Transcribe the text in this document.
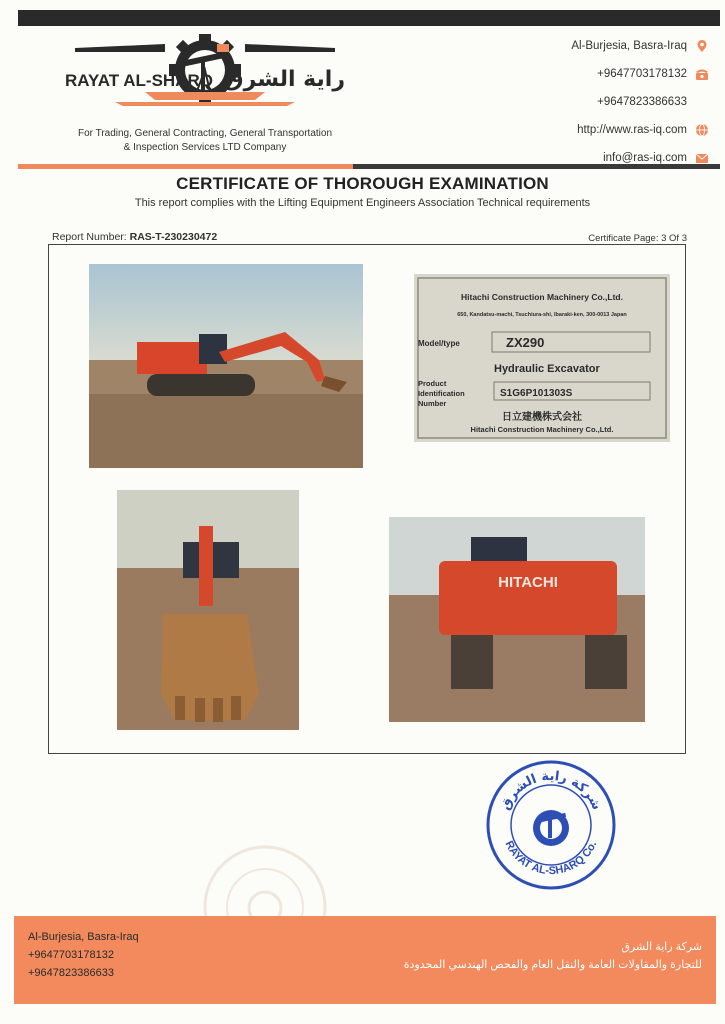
RAYAT AL-SHARQ راية الشرق
For Trading, General Contracting, General Transportation
& Inspection Services LTD Company
Al-Burjesia, Basra-Iraq
+9647703178132
+9647823386633
http://www.ras-iq.com
info@ras-iq.com
CERTIFICATE OF THOROUGH EXAMINATION
This report complies with the Lifting Equipment Engineers Association Technical requirements
Report Number: RAS-T-230230472	Certificate Page: 3 Of 3
Hitachi Construction Machinery Co.,Ltd.
650, Kandatsu-machi, Tsuchiura-shi, Ibaraki-ken, 300-0013 Japan
Model/type	ZX290
Hydraulic Excavator
Product
Identification
Number
S1G6P101303S
日立建機株式会社
Hitachi Construction Machinery Co.,Ltd.
HITACHI
شركة راية الشرق
RAYAT AL-SHARQ Co.
Al-Burjesia, Basra-Iraq
+9647703178132
+9647823386633
شركة راية الشرق
للتجارة والمقاولات العامة والنقل العام والفحص الهندسي المحدودة
